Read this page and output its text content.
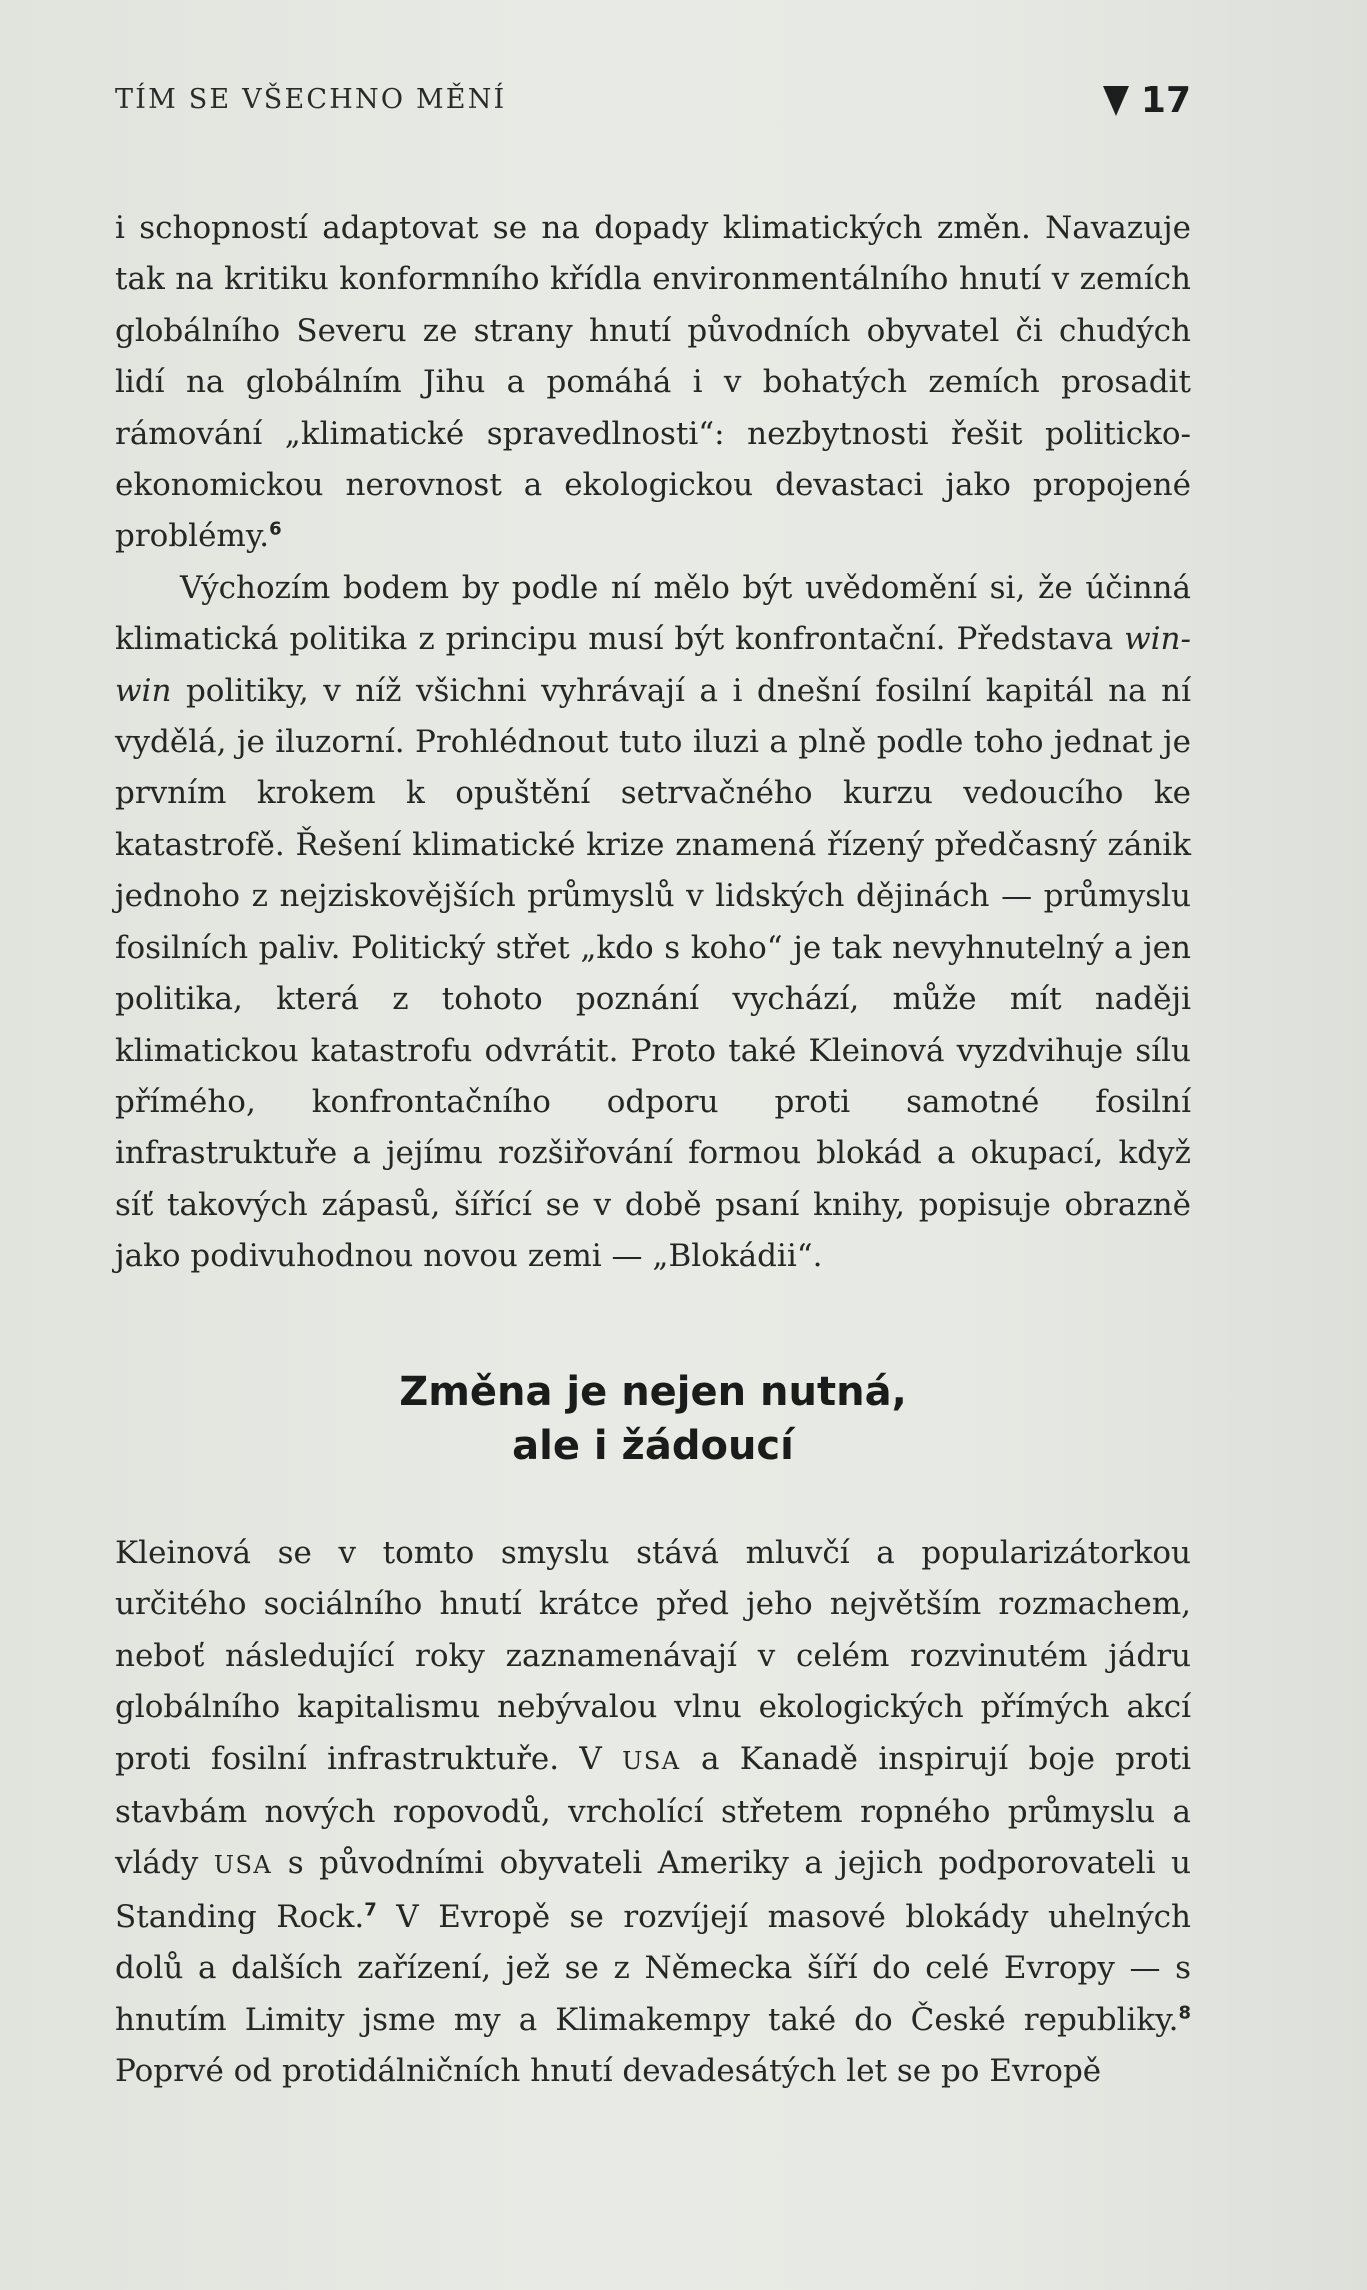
TÍM SE VŠECHNO MĚNÍ	17

i schopností adaptovat se na dopady klimatických změn. Navazuje tak na kritiku konformního křídla environmentálního hnutí v zemích globálního Severu ze strany hnutí původních obyvatel či chudých lidí na globálním Jihu a pomáhá i v bohatých zemích prosadit rámování „klimatické spravedlnosti“: nezbytnosti řešit politicko-ekonomickou nerovnost a ekologickou devastaci jako propojené problémy.$^6$

Výchozím bodem by podle ní mělo být uvědomění si, že účinná klimatická politika z principu musí být konfrontační. Představa win-win politiky, v níž všichni vyhrávají a i dnešní fosilní kapitál na ní vydělá, je iluzorní. Prohlédnout tuto iluzi a plně podle toho jednat je prvním krokem k opuštění setrvačného kurzu vedoucího ke katastrofě. Řešení klimatické krize znamená řízený předčasný zánik jednoho z nejziskovějších průmyslů v lidských dějinách — průmyslu fosilních paliv. Politický střet „kdo s koho“ je tak nevyhnutelný a jen politika, která z tohoto poznání vychází, může mít naději klimatickou katastrofu odvrátit. Proto také Kleinová vyzdvihuje sílu přímého, konfrontačního odporu proti samotné fosilní infrastruktuře a jejímu rozšiřování formou blokád a okupací, když síť takových zápasů, šířící se v době psaní knihy, popisuje obrazně jako podivuhodnou novou zemi — „Blokádii“.

Změna je nejen nutná,
ale i žádoucí

Kleinová se v tomto smyslu stává mluvčí a popularizátorkou určitého sociálního hnutí krátce před jeho největším rozmachem, neboť následující roky zaznamenávají v celém rozvinutém jádru globálního kapitalismu nebývalou vlnu ekologických přímých akcí proti fosilní infrastruktuře. V USA a Kanadě inspirují boje proti stavbám nových ropovodů, vrcholící střetem ropného průmyslu a vlády USA s původními obyvateli Ameriky a jejich podporovateli u Standing Rock.$^7$ V Evropě se rozvíjejí masové blokády uhelných dolů a dalších zařízení, jež se z Německa šíří do celé Evropy — s hnutím Limity jsme my a Klimakempy také do České republiky.$^8$ Poprvé od protidálničních hnutí devadesátých let se po Evropě
